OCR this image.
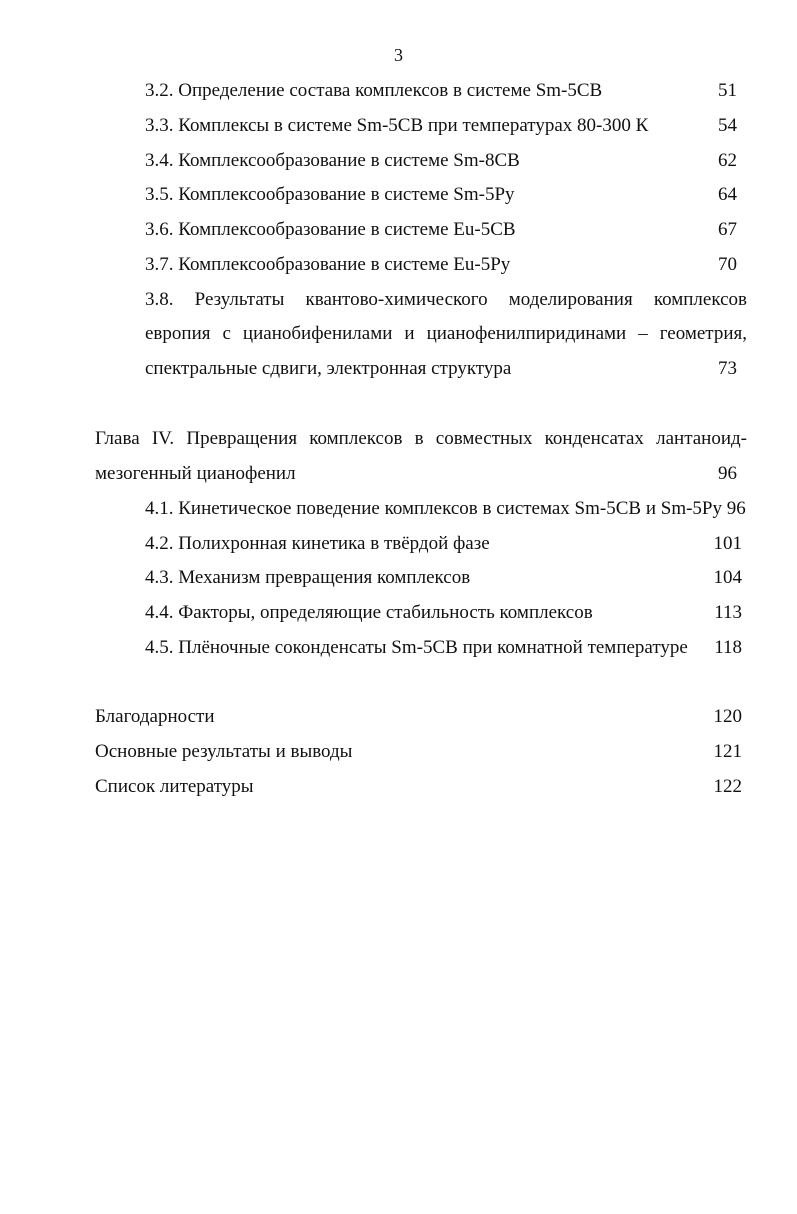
3
3.2. Определение состава комплексов в системе Sm-5CB	51
3.3. Комплексы в системе Sm-5CB при температурах 80-300 К	54
3.4. Комплексообразование в системе Sm-8CB	62
3.5. Комплексообразование в системе Sm-5Py	64
3.6. Комплексообразование в системе Eu-5CB	67
3.7. Комплексообразование в системе Eu-5Py	70
3.8. Результаты квантово-химического моделирования комплексов
европия с цианобифенилами и цианофенилпиридинами – геометрия,
спектральные сдвиги, электронная структура	73
Глава IV. Превращения комплексов в совместных конденсатах лантаноид-
мезогенный цианофенил	96
4.1. Кинетическое поведение комплексов в системах Sm-5CB и Sm-5Py 96
4.2. Полихронная кинетика в твёрдой фазе	101
4.3. Механизм превращения комплексов	104
4.4. Факторы, определяющие стабильность комплексов	113
4.5. Плёночные соконденсаты Sm-5CB при комнатной температуре 118
Благодарности	120
Основные результаты и выводы	121
Список литературы	122
